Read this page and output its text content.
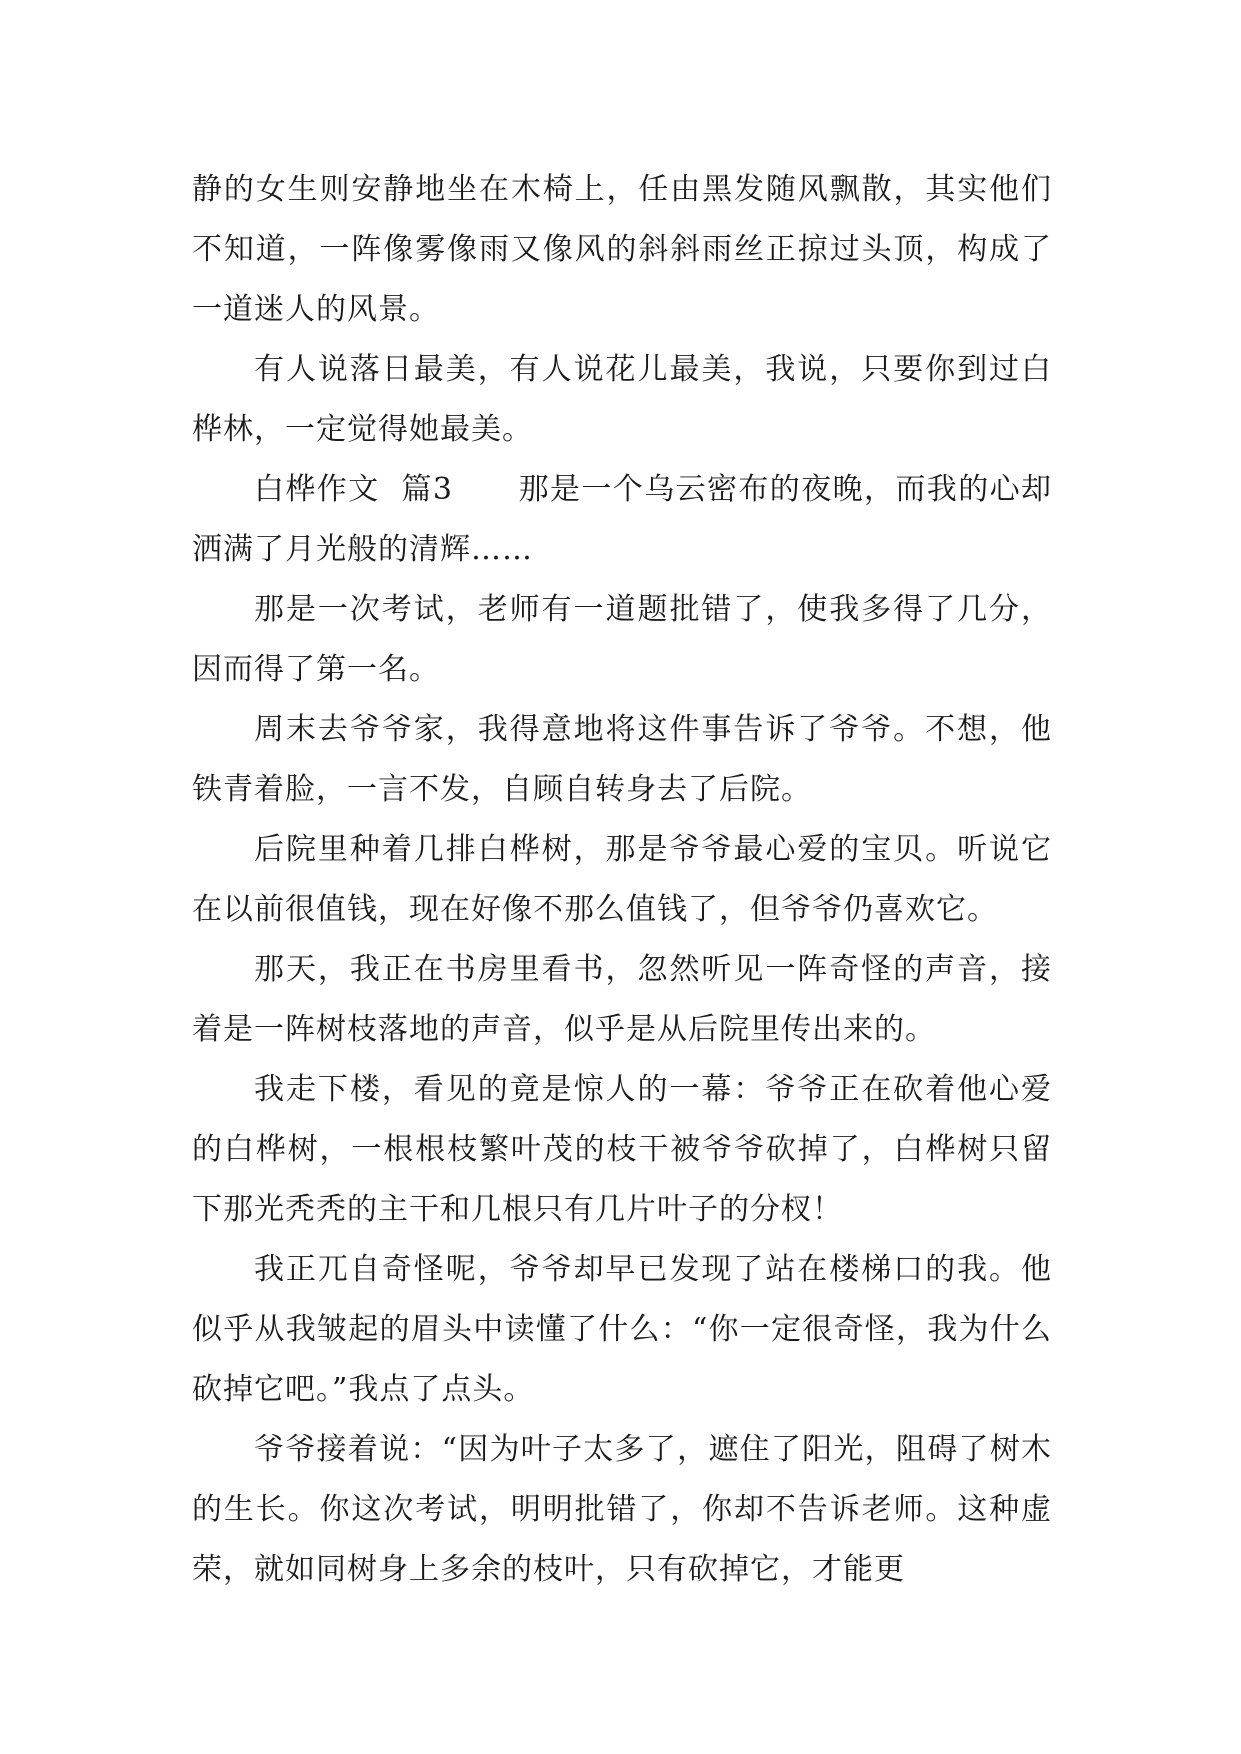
静的女生则安静地坐在木椅上，任由黑发随风飘散，其实他们不知道，一阵像雾像雨又像风的斜斜雨丝正掠过头顶，构成了一道迷人的风景。

有人说落日最美，有人说花儿最美，我说，只要你到过白桦林，一定觉得她最美。

白桦作文  篇3 那是一个乌云密布的夜晚，而我的心却洒满了月光般的清辉……

那是一次考试，老师有一道题批错了，使我多得了几分，因而得了第一名。

周末去爷爷家，我得意地将这件事告诉了爷爷。不想，他铁青着脸，一言不发，自顾自转身去了后院。

后院里种着几排白桦树，那是爷爷最心爱的宝贝。听说它在以前很值钱，现在好像不那么值钱了，但爷爷仍喜欢它。

那天，我正在书房里看书，忽然听见一阵奇怪的声音，接着是一阵树枝落地的声音，似乎是从后院里传出来的。

我走下楼，看见的竟是惊人的一幕：爷爷正在砍着他心爱的白桦树，一根根枝繁叶茂的枝干被爷爷砍掉了，白桦树只留下那光秃秃的主干和几根只有几片叶子的分杈！

我正兀自奇怪呢，爷爷却早已发现了站在楼梯口的我。他似乎从我皱起的眉头中读懂了什么：“你一定很奇怪，我为什么砍掉它吧。”我点了点头。

爷爷接着说：“因为叶子太多了，遮住了阳光，阻碍了树木的生长。你这次考试，明明批错了，你却不告诉老师。这种虚荣，就如同树身上多余的枝叶，只有砍掉它，才能更
